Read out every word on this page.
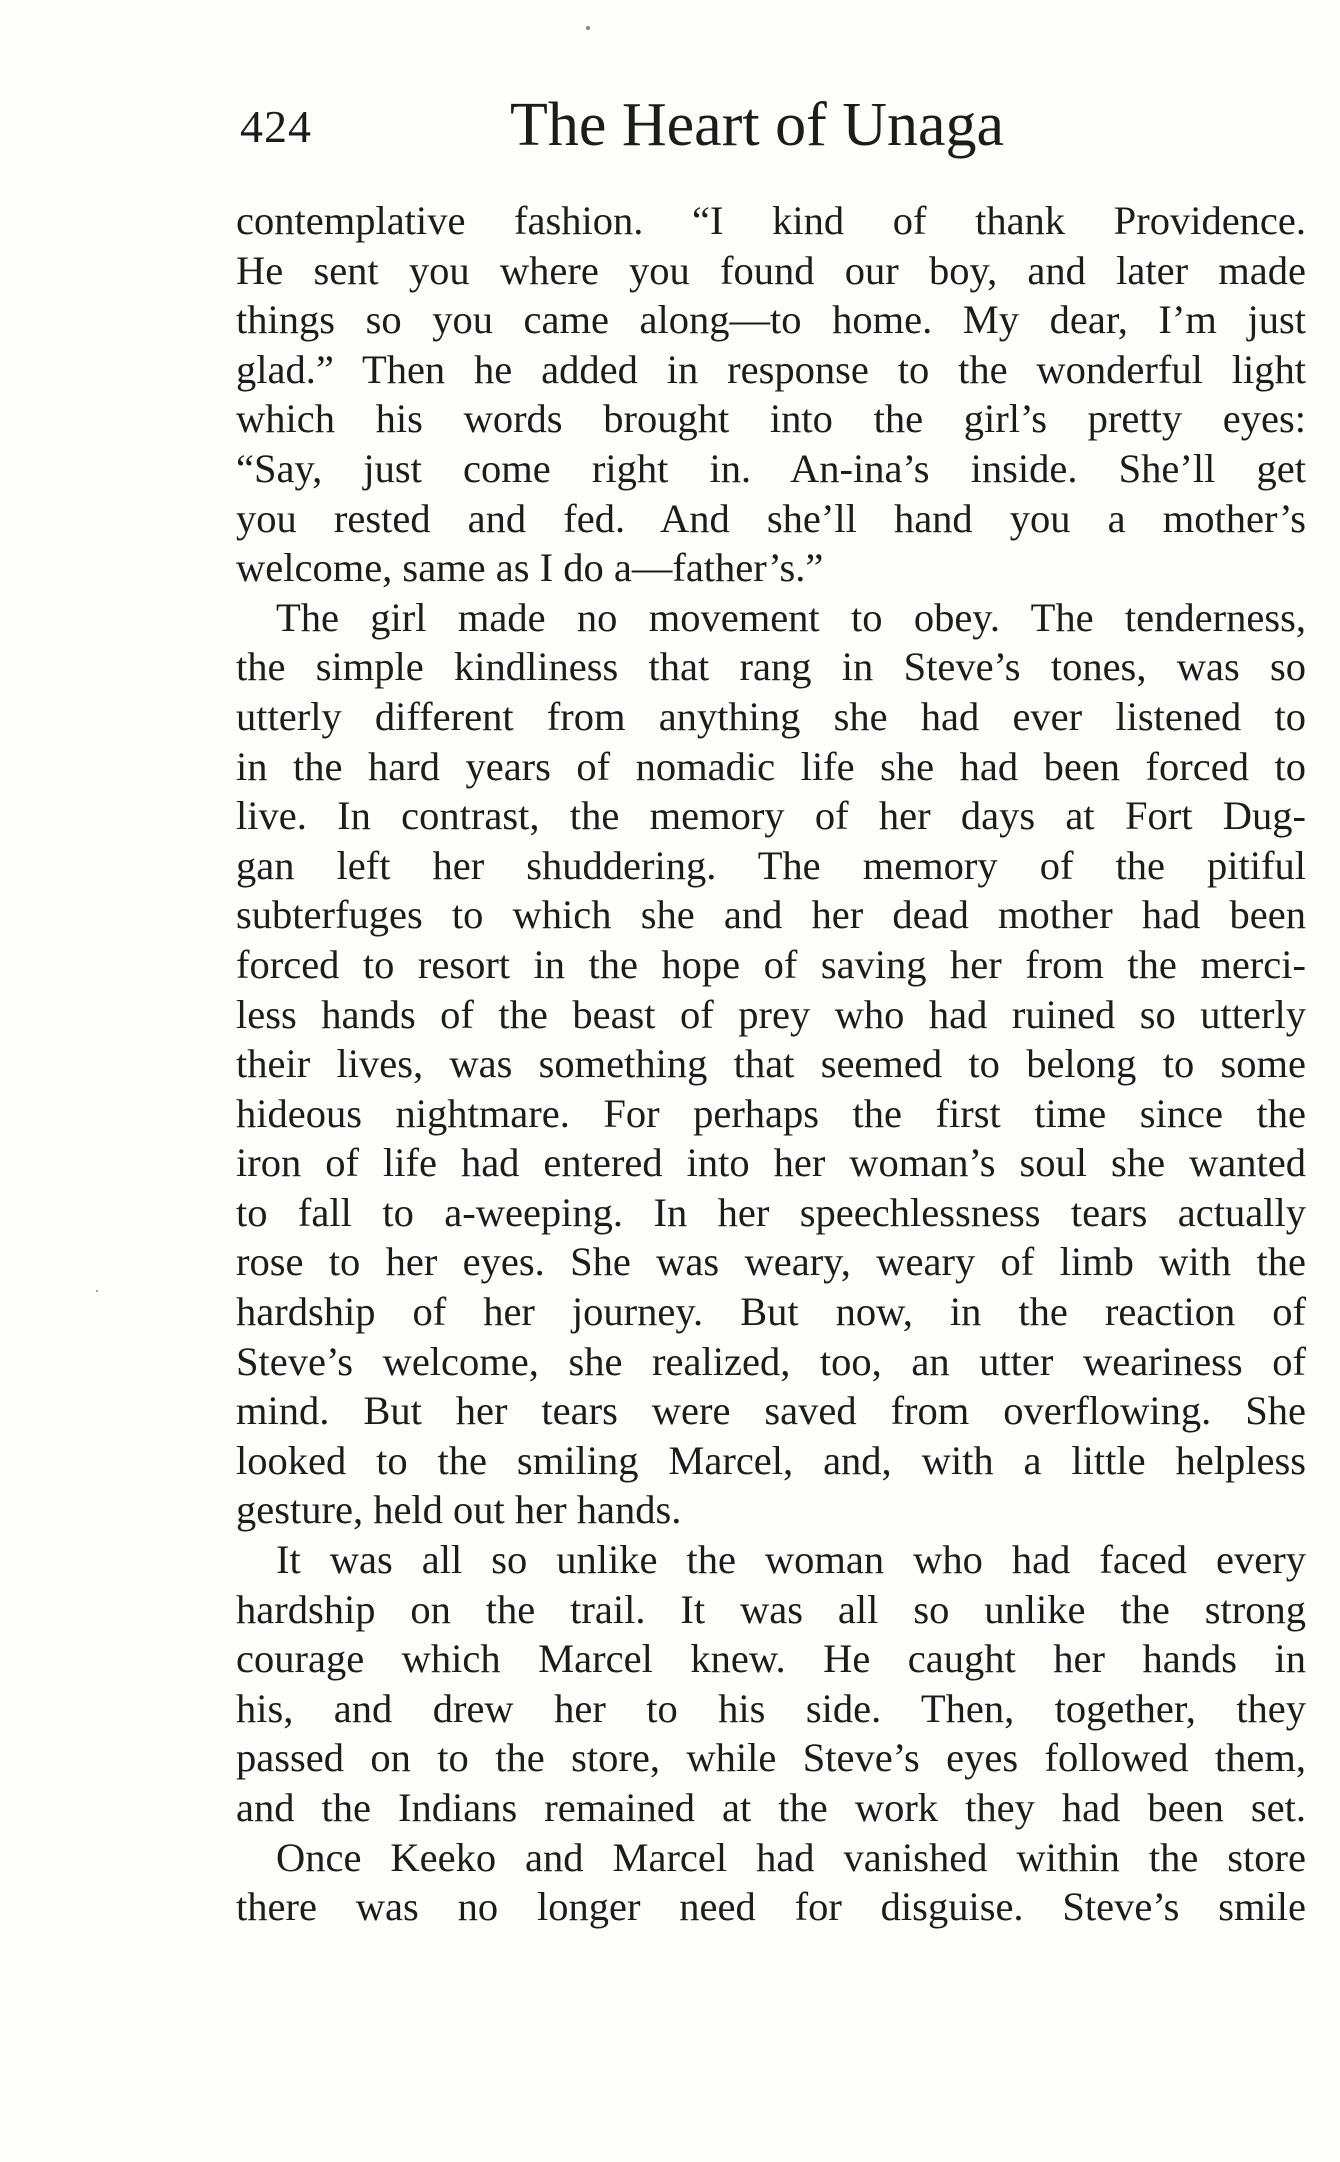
424	The Heart of Unaga
contemplative fashion. “I kind of thank Providence.
He sent you where you found our boy, and later made
things so you came along—to home. My dear, I’m just
glad.” Then he added in response to the wonderful light
which his words brought into the girl’s pretty eyes:
“Say, just come right in. An-ina’s inside. She’ll get
you rested and fed. And she’ll hand you a mother’s
welcome, same as I do a—father’s.”
The girl made no movement to obey. The tenderness,
the simple kindliness that rang in Steve’s tones, was so
utterly different from anything she had ever listened to
in the hard years of nomadic life she had been forced to
live. In contrast, the memory of her days at Fort Dug-
gan left her shuddering. The memory of the pitiful
subterfuges to which she and her dead mother had been
forced to resort in the hope of saving her from the merci-
less hands of the beast of prey who had ruined so utterly
their lives, was something that seemed to belong to some
hideous nightmare. For perhaps the first time since the
iron of life had entered into her woman’s soul she wanted
to fall to a-weeping. In her speechlessness tears actually
rose to her eyes. She was weary, weary of limb with the
hardship of her journey. But now, in the reaction of
Steve’s welcome, she realized, too, an utter weariness of
mind. But her tears were saved from overflowing. She
looked to the smiling Marcel, and, with a little helpless
gesture, held out her hands.
It was all so unlike the woman who had faced every
hardship on the trail. It was all so unlike the strong
courage which Marcel knew. He caught her hands in
his, and drew her to his side. Then, together, they
passed on to the store, while Steve’s eyes followed them,
and the Indians remained at the work they had been set.
Once Keeko and Marcel had vanished within the store
there was no longer need for disguise. Steve’s smile
